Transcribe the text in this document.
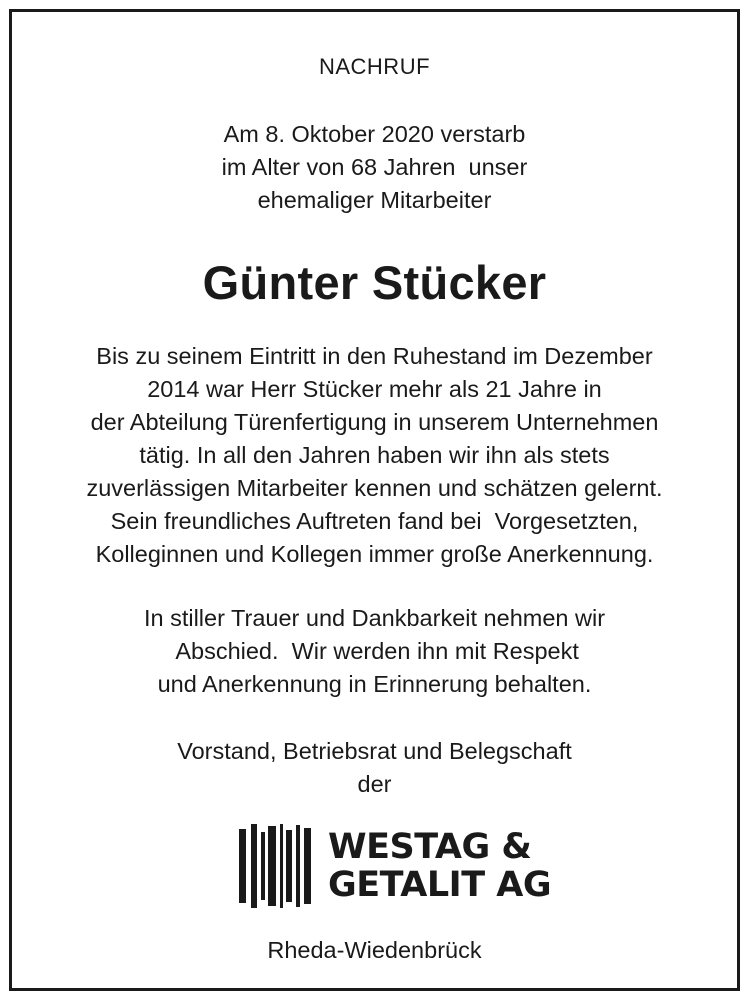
NACHRUF
Am 8. Oktober 2020 verstarb
im Alter von 68 Jahren  unser
ehemaliger Mitarbeiter
Günter Stücker
Bis zu seinem Eintritt in den Ruhestand im Dezember
2014 war Herr Stücker mehr als 21 Jahre in
der Abteilung Türenfertigung in unserem Unternehmen
tätig. In all den Jahren haben wir ihn als stets
zuverlässigen Mitarbeiter kennen und schätzen gelernt.
Sein freundliches Auftreten fand bei  Vorgesetzten,
Kolleginnen und Kollegen immer große Anerkennung.
In stiller Trauer und Dankbarkeit nehmen wir
Abschied.  Wir werden ihn mit Respekt
und Anerkennung in Erinnerung behalten.
Vorstand, Betriebsrat und Belegschaft
der
WESTAG &
GETALIT AG
Rheda-Wiedenbrück
